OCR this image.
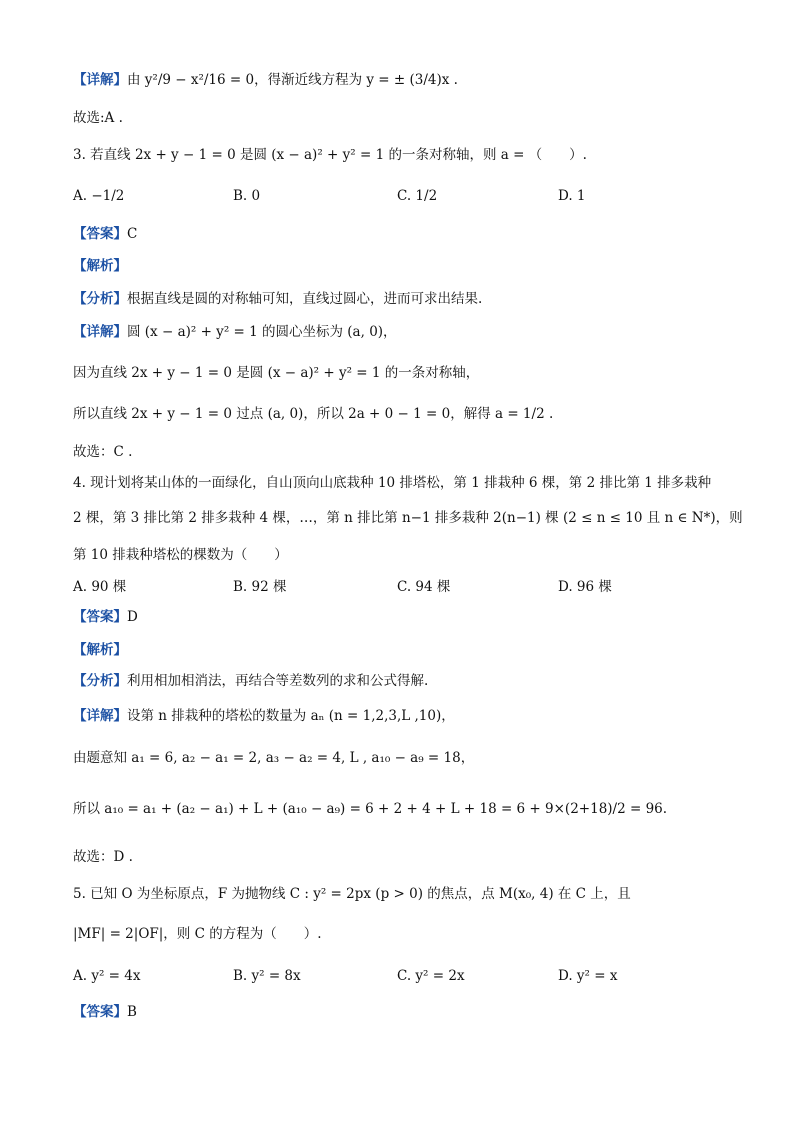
【详解】由 y²/9 − x²/16 = 0，得渐近线方程为 y = ± (3/4)x .
故选:A .
3. 若直线 2x + y − 1 = 0 是圆 (x − a)² + y² = 1 的一条对称轴，则 a = （　　）.
A. −1/2	B. 0	C. 1/2	D. 1
【答案】C
【解析】
【分析】根据直线是圆的对称轴可知，直线过圆心，进而可求出结果.
【详解】圆 (x − a)² + y² = 1 的圆心坐标为 (a, 0)，
因为直线 2x + y − 1 = 0 是圆 (x − a)² + y² = 1 的一条对称轴，
所以直线 2x + y − 1 = 0 过点 (a, 0)，所以 2a + 0 − 1 = 0，解得 a = 1/2 .
故选：C .
4. 现计划将某山体的一面绿化，自山顶向山底栽种 10 排塔松，第 1 排栽种 6 棵，第 2 排比第 1 排多栽种
2 棵，第 3 排比第 2 排多栽种 4 棵，…，第 n 排比第 n−1 排多栽种 2(n−1) 棵 (2 ≤ n ≤ 10 且 n ∈ N*)，则
第 10 排栽种塔松的棵数为（　　）
A. 90 棵	B. 92 棵	C. 94 棵	D. 96 棵
【答案】D
【解析】
【分析】利用相加相消法，再结合等差数列的求和公式得解.
【详解】设第 n 排栽种的塔松的数量为 aₙ (n = 1,2,3,L ,10)，
由题意知 a₁ = 6, a₂ − a₁ = 2, a₃ − a₂ = 4, L , a₁₀ − a₉ = 18，
所以 a₁₀ = a₁ + (a₂ − a₁) + L + (a₁₀ − a₉) = 6 + 2 + 4 + L + 18 = 6 + 9×(2+18)/2 = 96.
故选：D .
5. 已知 O 为坐标原点，F 为抛物线 C : y² = 2px (p > 0) 的焦点，点 M(x₀, 4) 在 C 上，且
|MF| = 2|OF|，则 C 的方程为（　　）.
A. y² = 4x	B. y² = 8x	C. y² = 2x	D. y² = x
【答案】B
